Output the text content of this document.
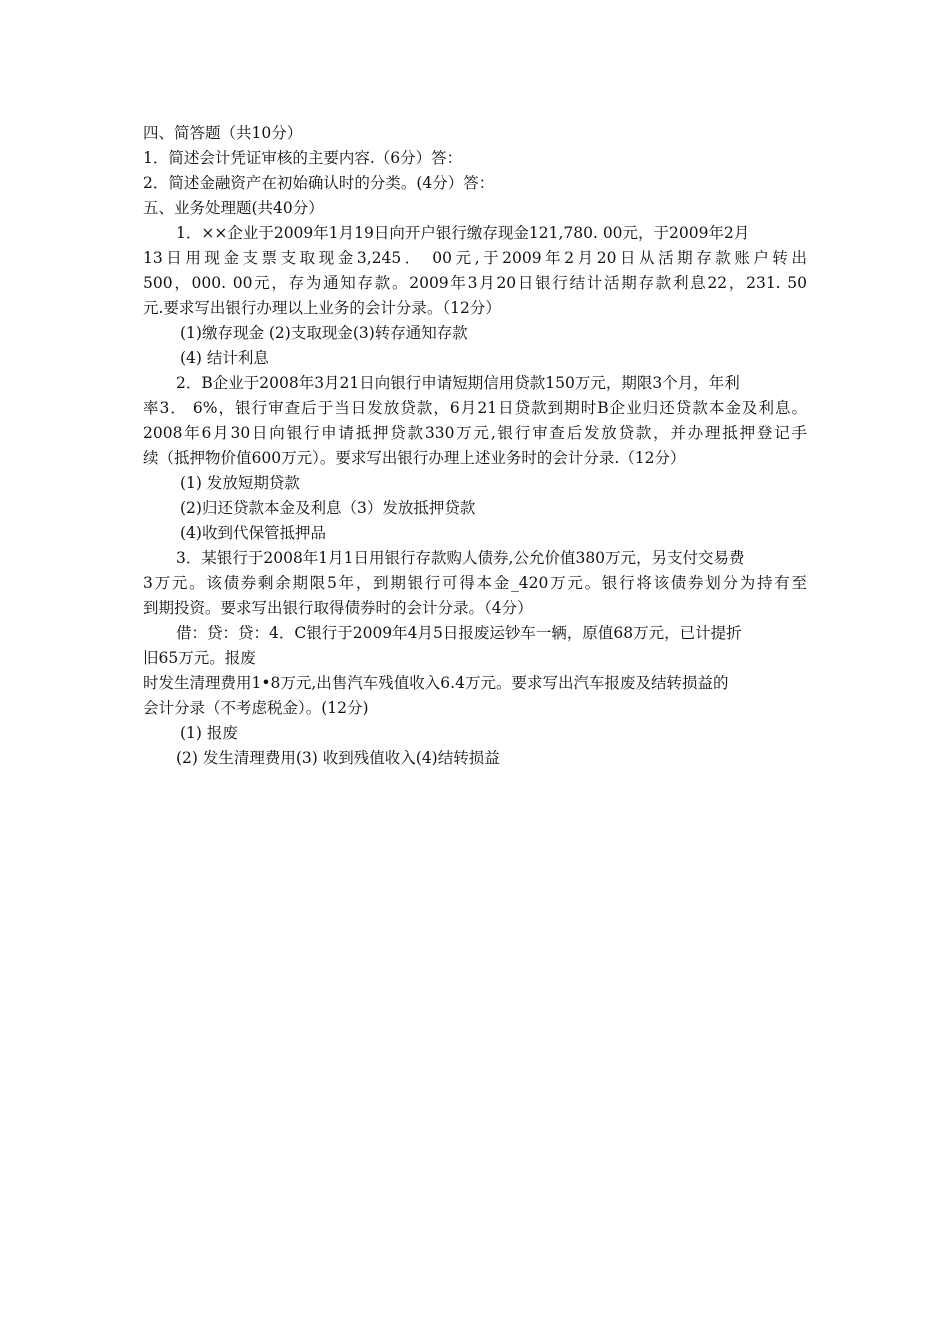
四、简答题（共10分）
1．简述会计凭证审核的主要内容.（6分）答：
2．简述金融资产在初始确认时的分类。(4分）答：
五、业务处理题(共40分）
1．××企业于2009年1月19日向开户银行缴存现金121,780. 00元，于2009年2月
13日用现金支票支取现金3,245． 00元,于2009年2月20日从活期存款账户转出
500，000. 00元，存为通知存款。2009年3月20日银行结计活期存款利息22，231. 50
元.要求写出银行办理以上业务的会计分录。（12分）
(1)缴存现金 (2)支取现金(3)转存通知存款
(4) 结计利息
2．B企业于2008年3月21日向银行申请短期信用贷款150万元，期限3个月，年利
率3． 6%，银行审查后于当日发放贷款，6月21日贷款到期时B企业归还贷款本金及利息。
2008年6月30日向银行申请抵押贷款330万元,银行审查后发放贷款，并办理抵押登记手
续（抵押物价值600万元）。要求写出银行办理上述业务时的会计分录.（12分）
(1) 发放短期贷款
(2)归还贷款本金及利息（3）发放抵押贷款
(4)收到代保管抵押品
3．某银行于2008年1月1日用银行存款购人债券,公允价值380万元，另支付交易费
3万元。该债券剩余期限5年，到期银行可得本金_420万元。银行将该债券划分为持有至
到期投资。要求写出银行取得债券时的会计分录。（4分）
借：贷：贷：4．C银行于2009年4月5日报废运钞车一辆，原值68万元，已计提折
旧65万元。报废
时发生清理费用1•8万元,出售汽车残值收入6.4万元。要求写出汽车报废及结转损益的
会计分录（不考虑税金）。(12分)
(1) 报废
(2) 发生清理费用(3) 收到残值收入(4)结转损益
